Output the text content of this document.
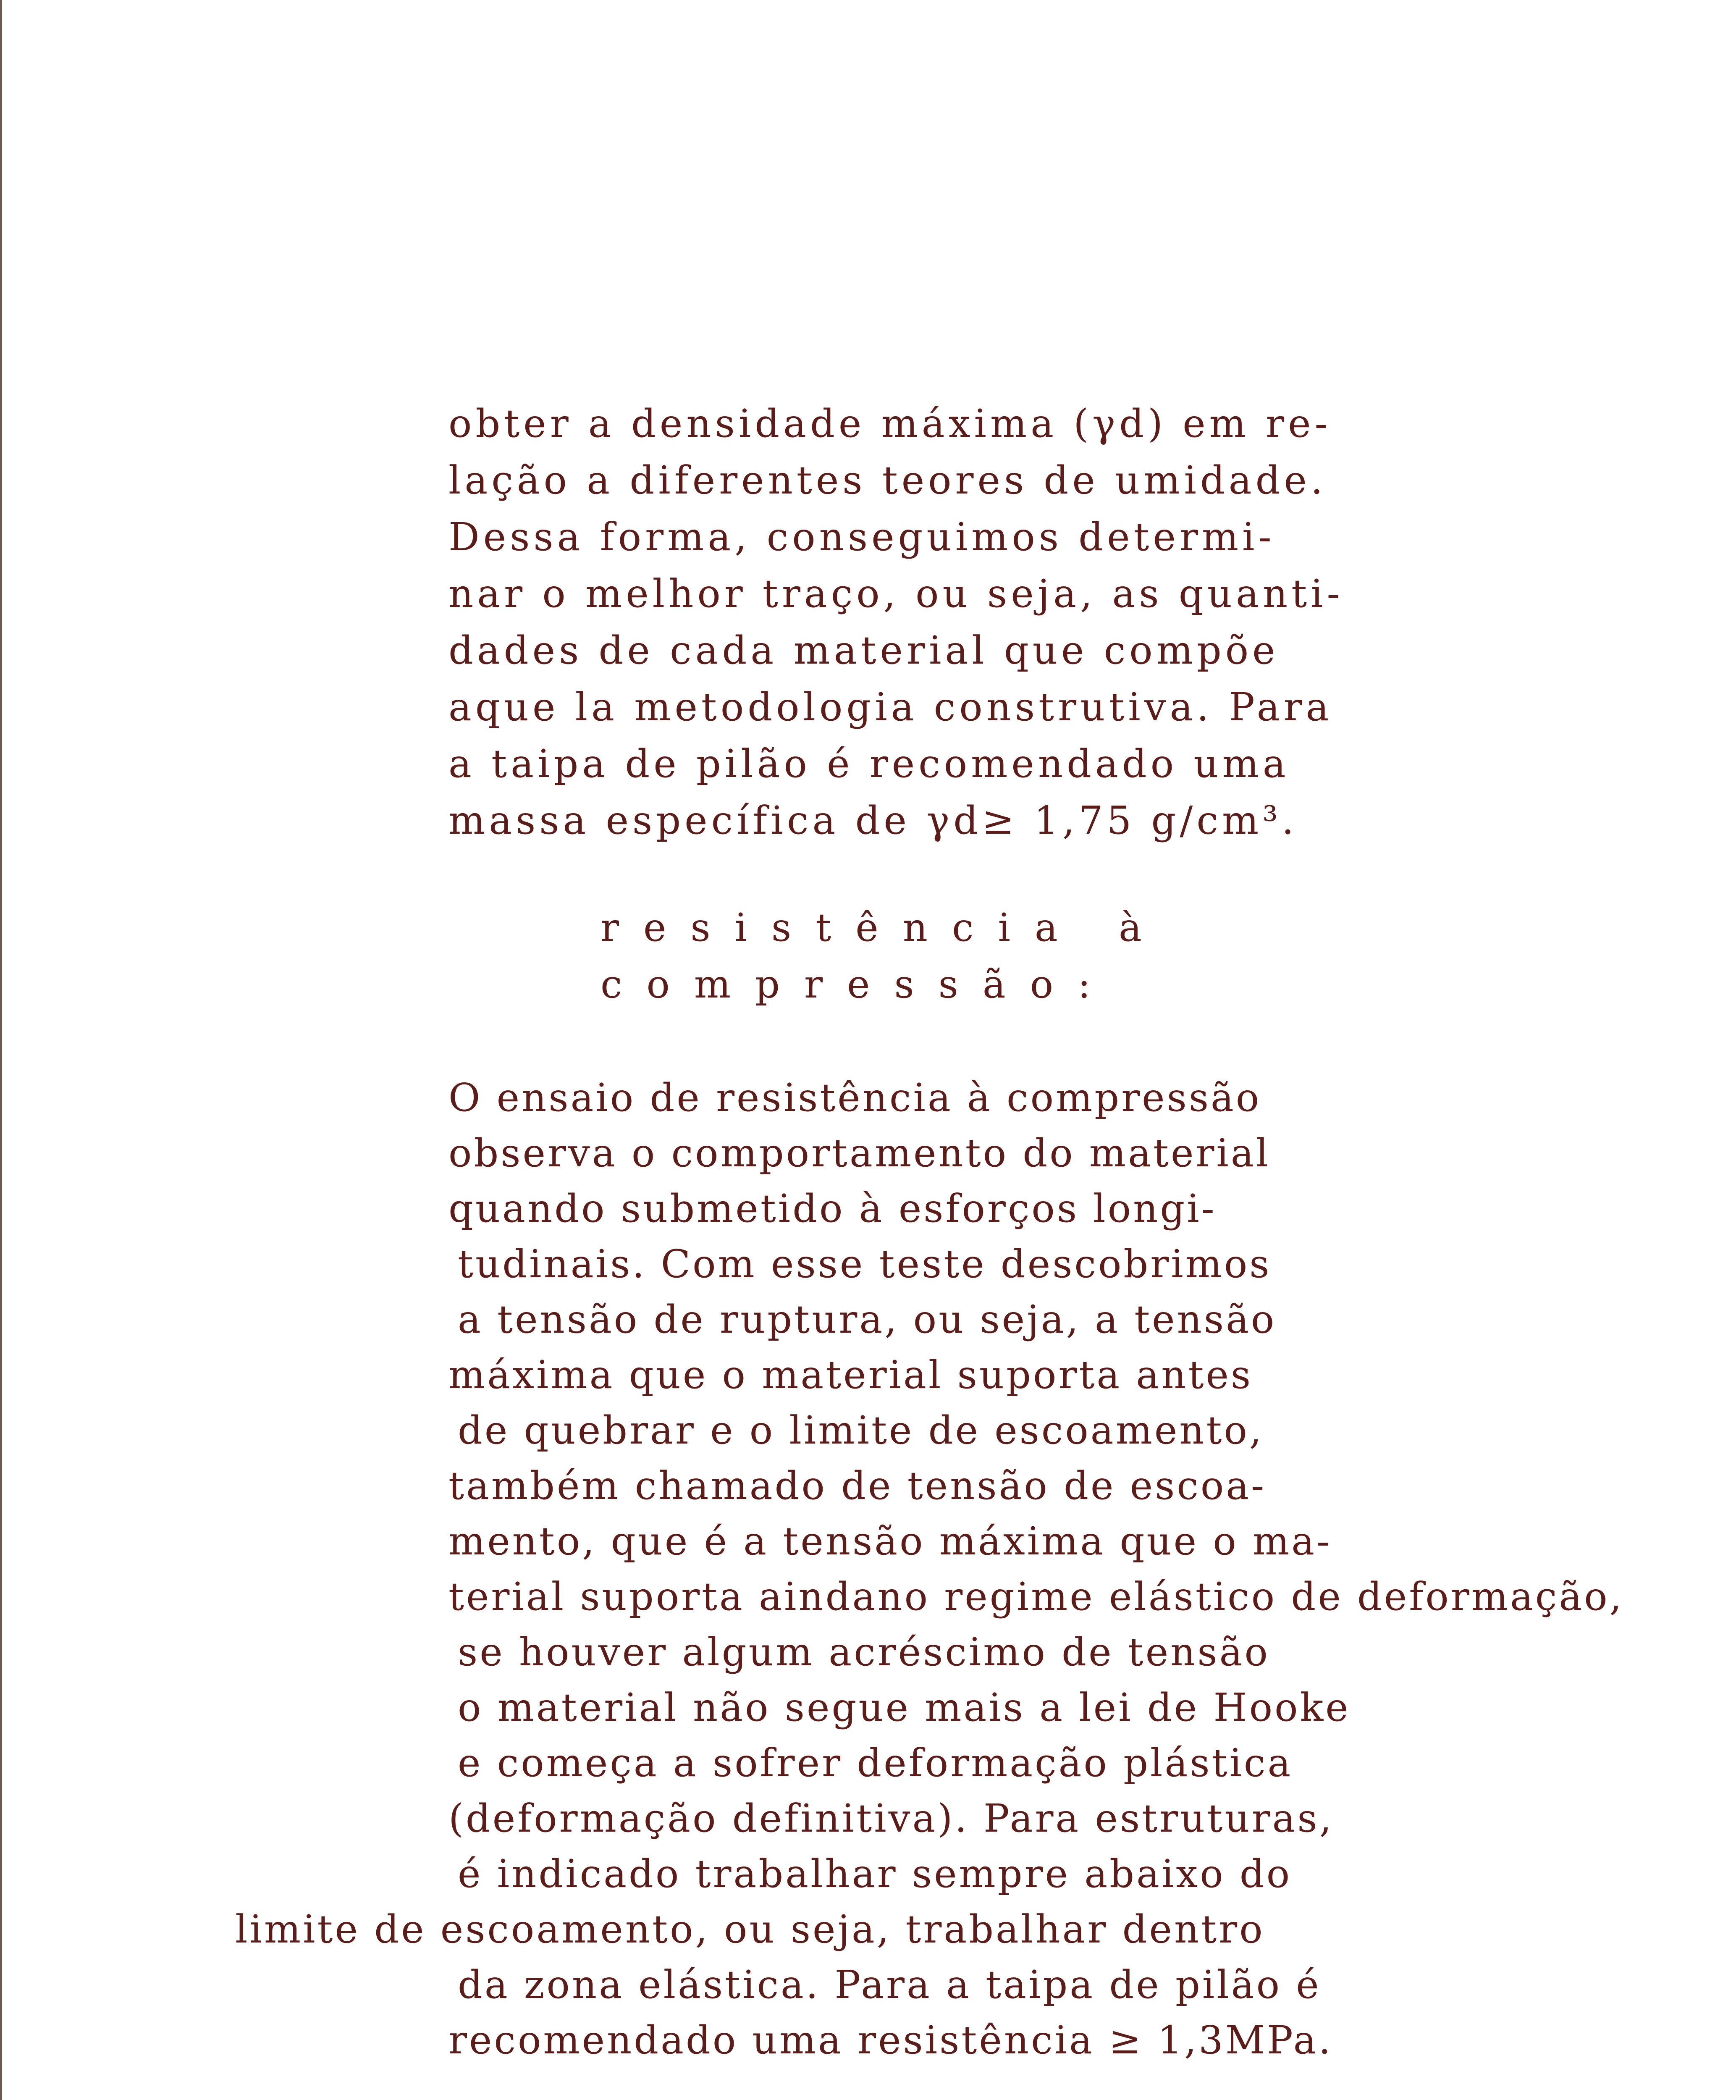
obter a densidade máxima (γd) em re-

lação a diferentes teores de umidade.

Dessa forma, conseguimos determi-

nar o melhor traço, ou seja, as quanti-

dades de cada material que compõe

aque la metodologia construtiva. Para

a taipa de pilão é recomendado uma

massa específica de γd≥ 1,75 g/cm³.

resistência à

compressão:

O ensaio de resistência à compressão

observa o comportamento do material

quando submetido à esforços longi-

tudinais. Com esse teste descobrimos

a tensão de ruptura, ou seja, a tensão

máxima que o material suporta antes

de quebrar e o limite de escoamento,

também chamado de tensão de escoa-

mento, que é a tensão máxima que o ma-

terial suporta aindano regime elástico de deformação,

se houver algum acréscimo de tensão

o material não segue mais a lei de Hooke

e começa a sofrer deformação plástica

(deformação definitiva). Para estruturas,

é indicado trabalhar sempre abaixo do

limite de escoamento, ou seja, trabalhar dentro

da zona elástica. Para a taipa de pilão é

recomendado uma resistência ≥ 1,3MPa.
